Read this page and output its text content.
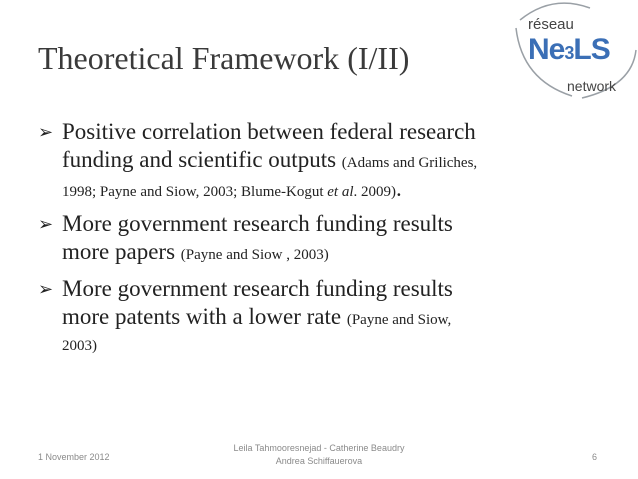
Theoretical Framework (I/II)
réseau
Ne3LS
network
➢ Positive correlation between federal research
funding and scientific outputs (Adams and Griliches,
1998; Payne and Siow, 2003; Blume-Kogut et al. 2009).
➢ More government research funding results
more papers (Payne and Siow , 2003)
➢ More government research funding results
more patents with a lower rate (Payne and Siow,
2003)
1 November 2012
Leila Tahmooresnejad - Catherine Beaudry
Andrea Schiffauerova	6
